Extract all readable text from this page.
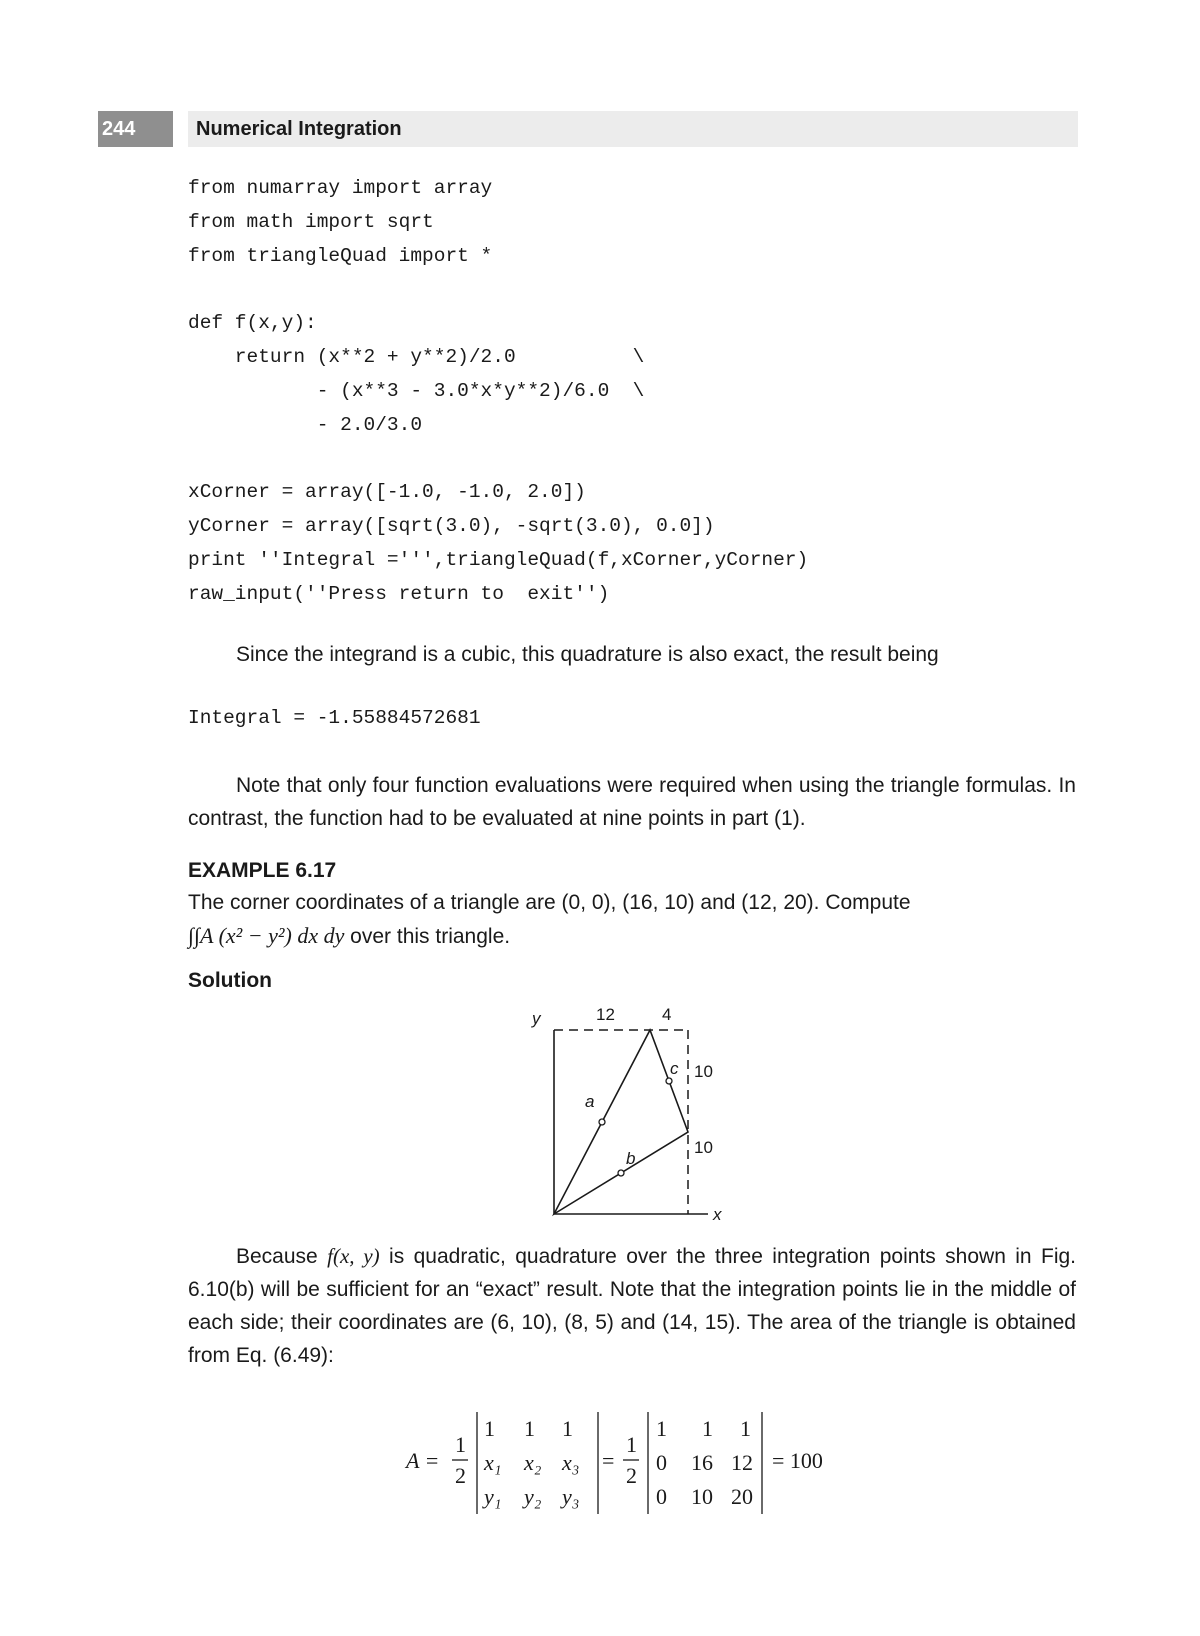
244	Numerical Integration
from numarray import array
from math import sqrt
from triangleQuad import *
def f(x,y):
return (x**2 + y**2)/2.0          \
- (x**3 - 3.0*x*y**2)/6.0  \
- 2.0/3.0
xCorner = array([-1.0, -1.0, 2.0])
yCorner = array([sqrt(3.0), -sqrt(3.0), 0.0])
print ''Integral =''',triangleQuad(f,xCorner,yCorner)
raw_input(''Press return to  exit'')
Since the integrand is a cubic, this quadrature is also exact, the result being
Integral = -1.55884572681
Note that only four function evaluations were required when using the triangle formulas. In contrast, the function had to be evaluated at nine points in part (1).
EXAMPLE 6.17
The corner coordinates of a triangle are (0, 0), (16, 10) and (12, 20). Compute
∫∫A (x² − y²) dx dy over this triangle.
Solution
y
x
12	4
10
10
a
b
c
Because f(x, y) is quadratic, quadrature over the three integration points shown in Fig. 6.10(b) will be sufficient for an “exact” result. Note that the integration points lie in the middle of each side; their coordinates are (6, 10), (8, 5) and (14, 15). The area of the triangle is obtained from Eq. (6.49):
A =
1
2
1 1 1
x₁ x₂ x₃
y₁ y₂ y₃
=
1
2
1 1 1
0 16 12
0 10 20
= 100
